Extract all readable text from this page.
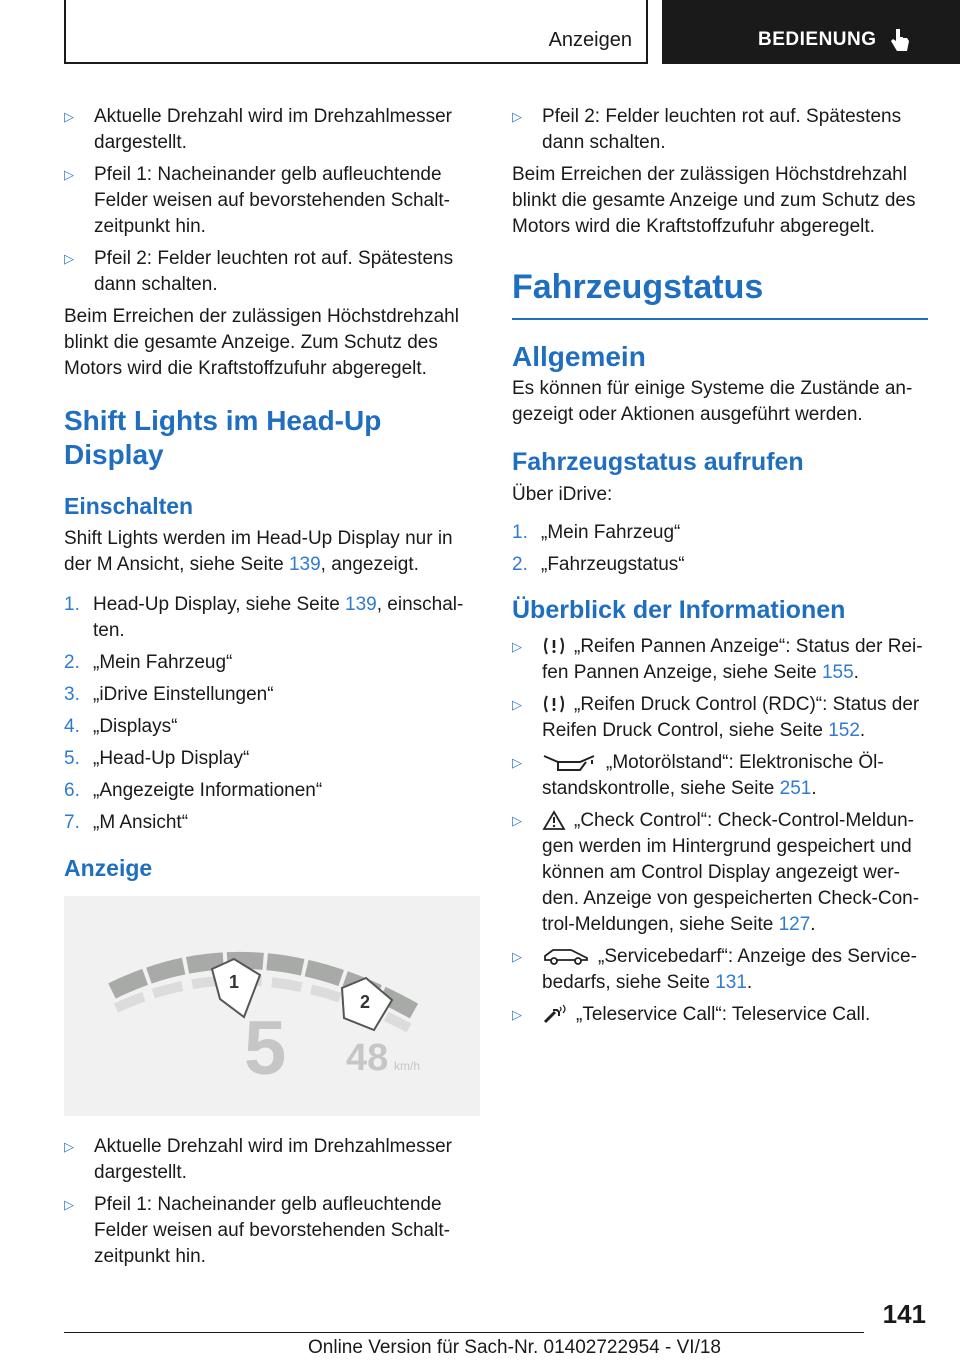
Anzeigen	BEDIENUNG
▷	Aktuelle Drehzahl wird im Drehzahlmesser dargestellt.
▷	Pfeil 1: Nacheinander gelb aufleuchtende Felder weisen auf bevorstehenden Schalt-zeitpunkt hin.
▷	Pfeil 2: Felder leuchten rot auf. Spätestens dann schalten.

Beim Erreichen der zulässigen Höchstdrehzahl blinkt die gesamte Anzeige. Zum Schutz des Motors wird die Kraftstoffzufuhr abgeregelt.

Shift Lights im Head-Up Display
Einschalten

Shift Lights werden im Head-Up Display nur in der M Ansicht, siehe Seite 139, angezeigt.

1. Head-Up Display, siehe Seite 139, einschal-ten.
2. „Mein Fahrzeug“
3. „iDrive Einstellungen“
4. „Displays“
5. „Head-Up Display“
6. „Angezeigte Informationen“
7. „M Ansicht“
Anzeige
1
2
5 48 km/h
▷	Aktuelle Drehzahl wird im Drehzahlmesser dargestellt.
▷	Pfeil 1: Nacheinander gelb aufleuchtende Felder weisen auf bevorstehenden Schalt-zeitpunkt hin.
▷	Pfeil 2: Felder leuchten rot auf. Spätestens dann schalten.

Beim Erreichen der zulässigen Höchstdrehzahl blinkt die gesamte Anzeige und zum Schutz des Motors wird die Kraftstoffzufuhr abgeregelt.

Fahrzeugstatus
Allgemein

Es können für einige Systeme die Zustände an-gezeigt oder Aktionen ausgeführt werden.

Fahrzeugstatus aufrufen

Über iDrive:

1. „Mein Fahrzeug“
2. „Fahrzeugstatus“
Überblick der Informationen
▷	„Reifen Pannen Anzeige“: Status der Rei-fen Pannen Anzeige, siehe Seite 155.
▷	„Reifen Druck Control (RDC)“: Status der Reifen Druck Control, siehe Seite 152.
▷	„Motorölstand“: Elektronische Öl-standskontrolle, siehe Seite 251.
▷	„Check Control“: Check-Control-Meldun-gen werden im Hintergrund gespeichert und können am Control Display angezeigt wer-den. Anzeige von gespeicherten Check-Con-trol-Meldungen, siehe Seite 127.
▷	„Servicebedarf“: Anzeige des Service-bedarfs, siehe Seite 131.
▷	„Teleservice Call“: Teleservice Call.
141
Online Version für Sach-Nr. 01402722954 - VI/18
